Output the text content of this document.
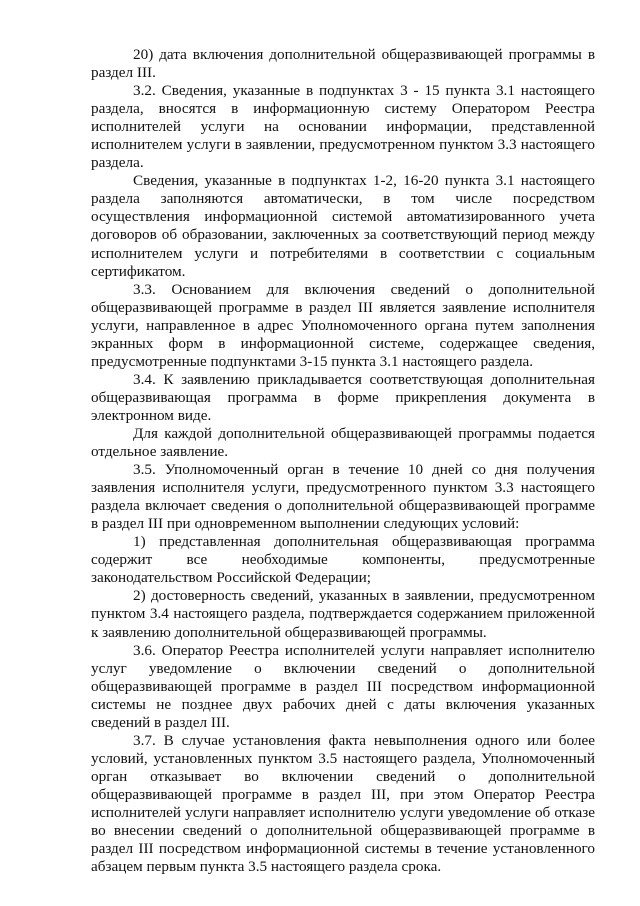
20) дата включения дополнительной общеразвивающей программы в раздел III.

3.2. Сведения, указанные в подпунктах 3 - 15 пункта 3.1 настоящего раздела, вносятся в информационную систему Оператором Реестра исполнителей услуги на основании информации, представленной исполнителем услуги в заявлении, предусмотренном пунктом 3.3 настоящего раздела.

Сведения, указанные в подпунктах 1-2, 16-20 пункта 3.1 настоящего раздела заполняются автоматически, в том числе посредством осуществления информационной системой автоматизированного учета договоров об образовании, заключенных за соответствующий период между исполнителем услуги и потребителями в соответствии с социальным сертификатом.

3.3. Основанием для включения сведений о дополнительной общеразвивающей программе в раздел III является заявление исполнителя услуги, направленное в адрес Уполномоченного органа путем заполнения экранных форм в информационной системе, содержащее сведения, предусмотренные подпунктами 3-15 пункта 3.1 настоящего раздела.

3.4. К заявлению прикладывается соответствующая дополнительная общеразвивающая программа в форме прикрепления документа в электронном виде.

Для каждой дополнительной общеразвивающей программы подается отдельное заявление.

3.5. Уполномоченный орган в течение 10 дней со дня получения заявления исполнителя услуги, предусмотренного пунктом 3.3 настоящего раздела включает сведения о дополнительной общеразвивающей программе в раздел III при одновременном выполнении следующих условий:

1) представленная дополнительная общеразвивающая программа содержит все необходимые компоненты, предусмотренные законодательством Российской Федерации;

2) достоверность сведений, указанных в заявлении, предусмотренном пунктом 3.4 настоящего раздела, подтверждается содержанием приложенной к заявлению дополнительной общеразвивающей программы.

3.6. Оператор Реестра исполнителей услуги направляет исполнителю услуг уведомление о включении сведений о дополнительной общеразвивающей программе в раздел III посредством информационной системы не позднее двух рабочих дней с даты включения указанных сведений в раздел III.

3.7. В случае установления факта невыполнения одного или более условий, установленных пунктом 3.5 настоящего раздела, Уполномоченный орган отказывает во включении сведений о дополнительной общеразвивающей программе в раздел III, при этом Оператор Реестра исполнителей услуги направляет исполнителю услуги уведомление об отказе во внесении сведений о дополнительной общеразвивающей программе в раздел III посредством информационной системы в течение установленного абзацем первым пункта 3.5 настоящего раздела срока.
